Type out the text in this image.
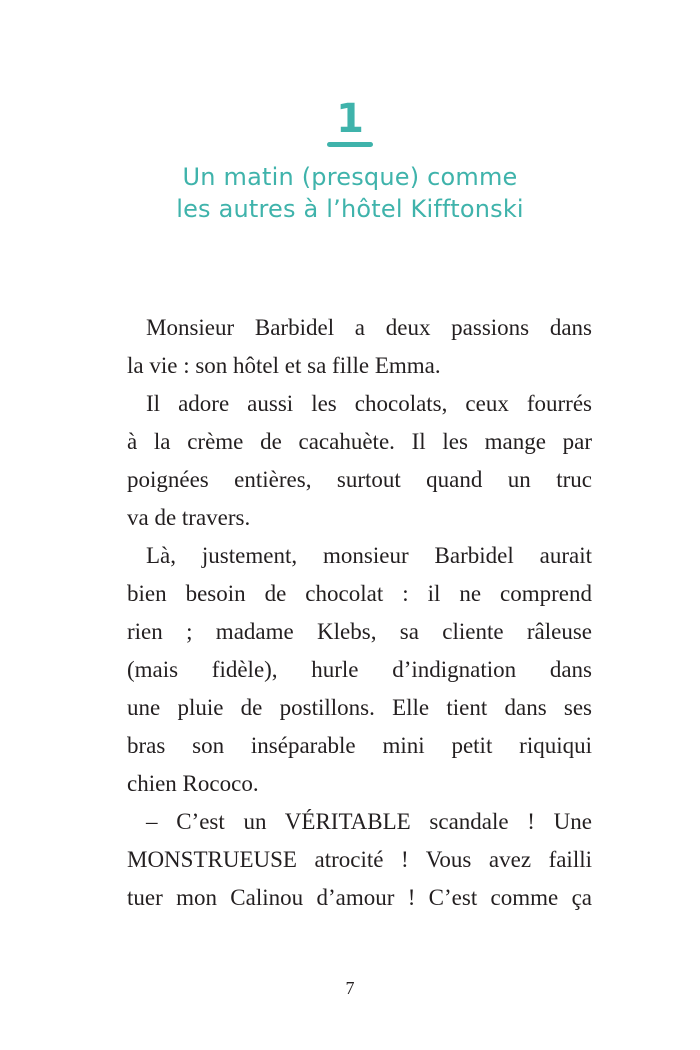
1
Un matin (presque) comme
les autres à l’hôtel Kifftonski

Monsieur Barbidel a deux passions dans
la vie : son hôtel et sa fille Emma.

Il adore aussi les chocolats, ceux fourrés
à la crème de cacahuète. Il les mange par
poignées entières, surtout quand un truc
va de travers.

Là, justement, monsieur Barbidel aurait
bien besoin de chocolat : il ne comprend
rien ; madame Klebs, sa cliente râleuse
(mais fidèle), hurle d’indignation dans
une pluie de postillons. Elle tient dans ses
bras son inséparable mini petit riquiqui
chien Rococo.

– C’est un VÉRITABLE scandale ! Une
MONSTRUEUSE atrocité ! Vous avez failli
tuer mon Calinou d’amour ! C’est comme ça

7
